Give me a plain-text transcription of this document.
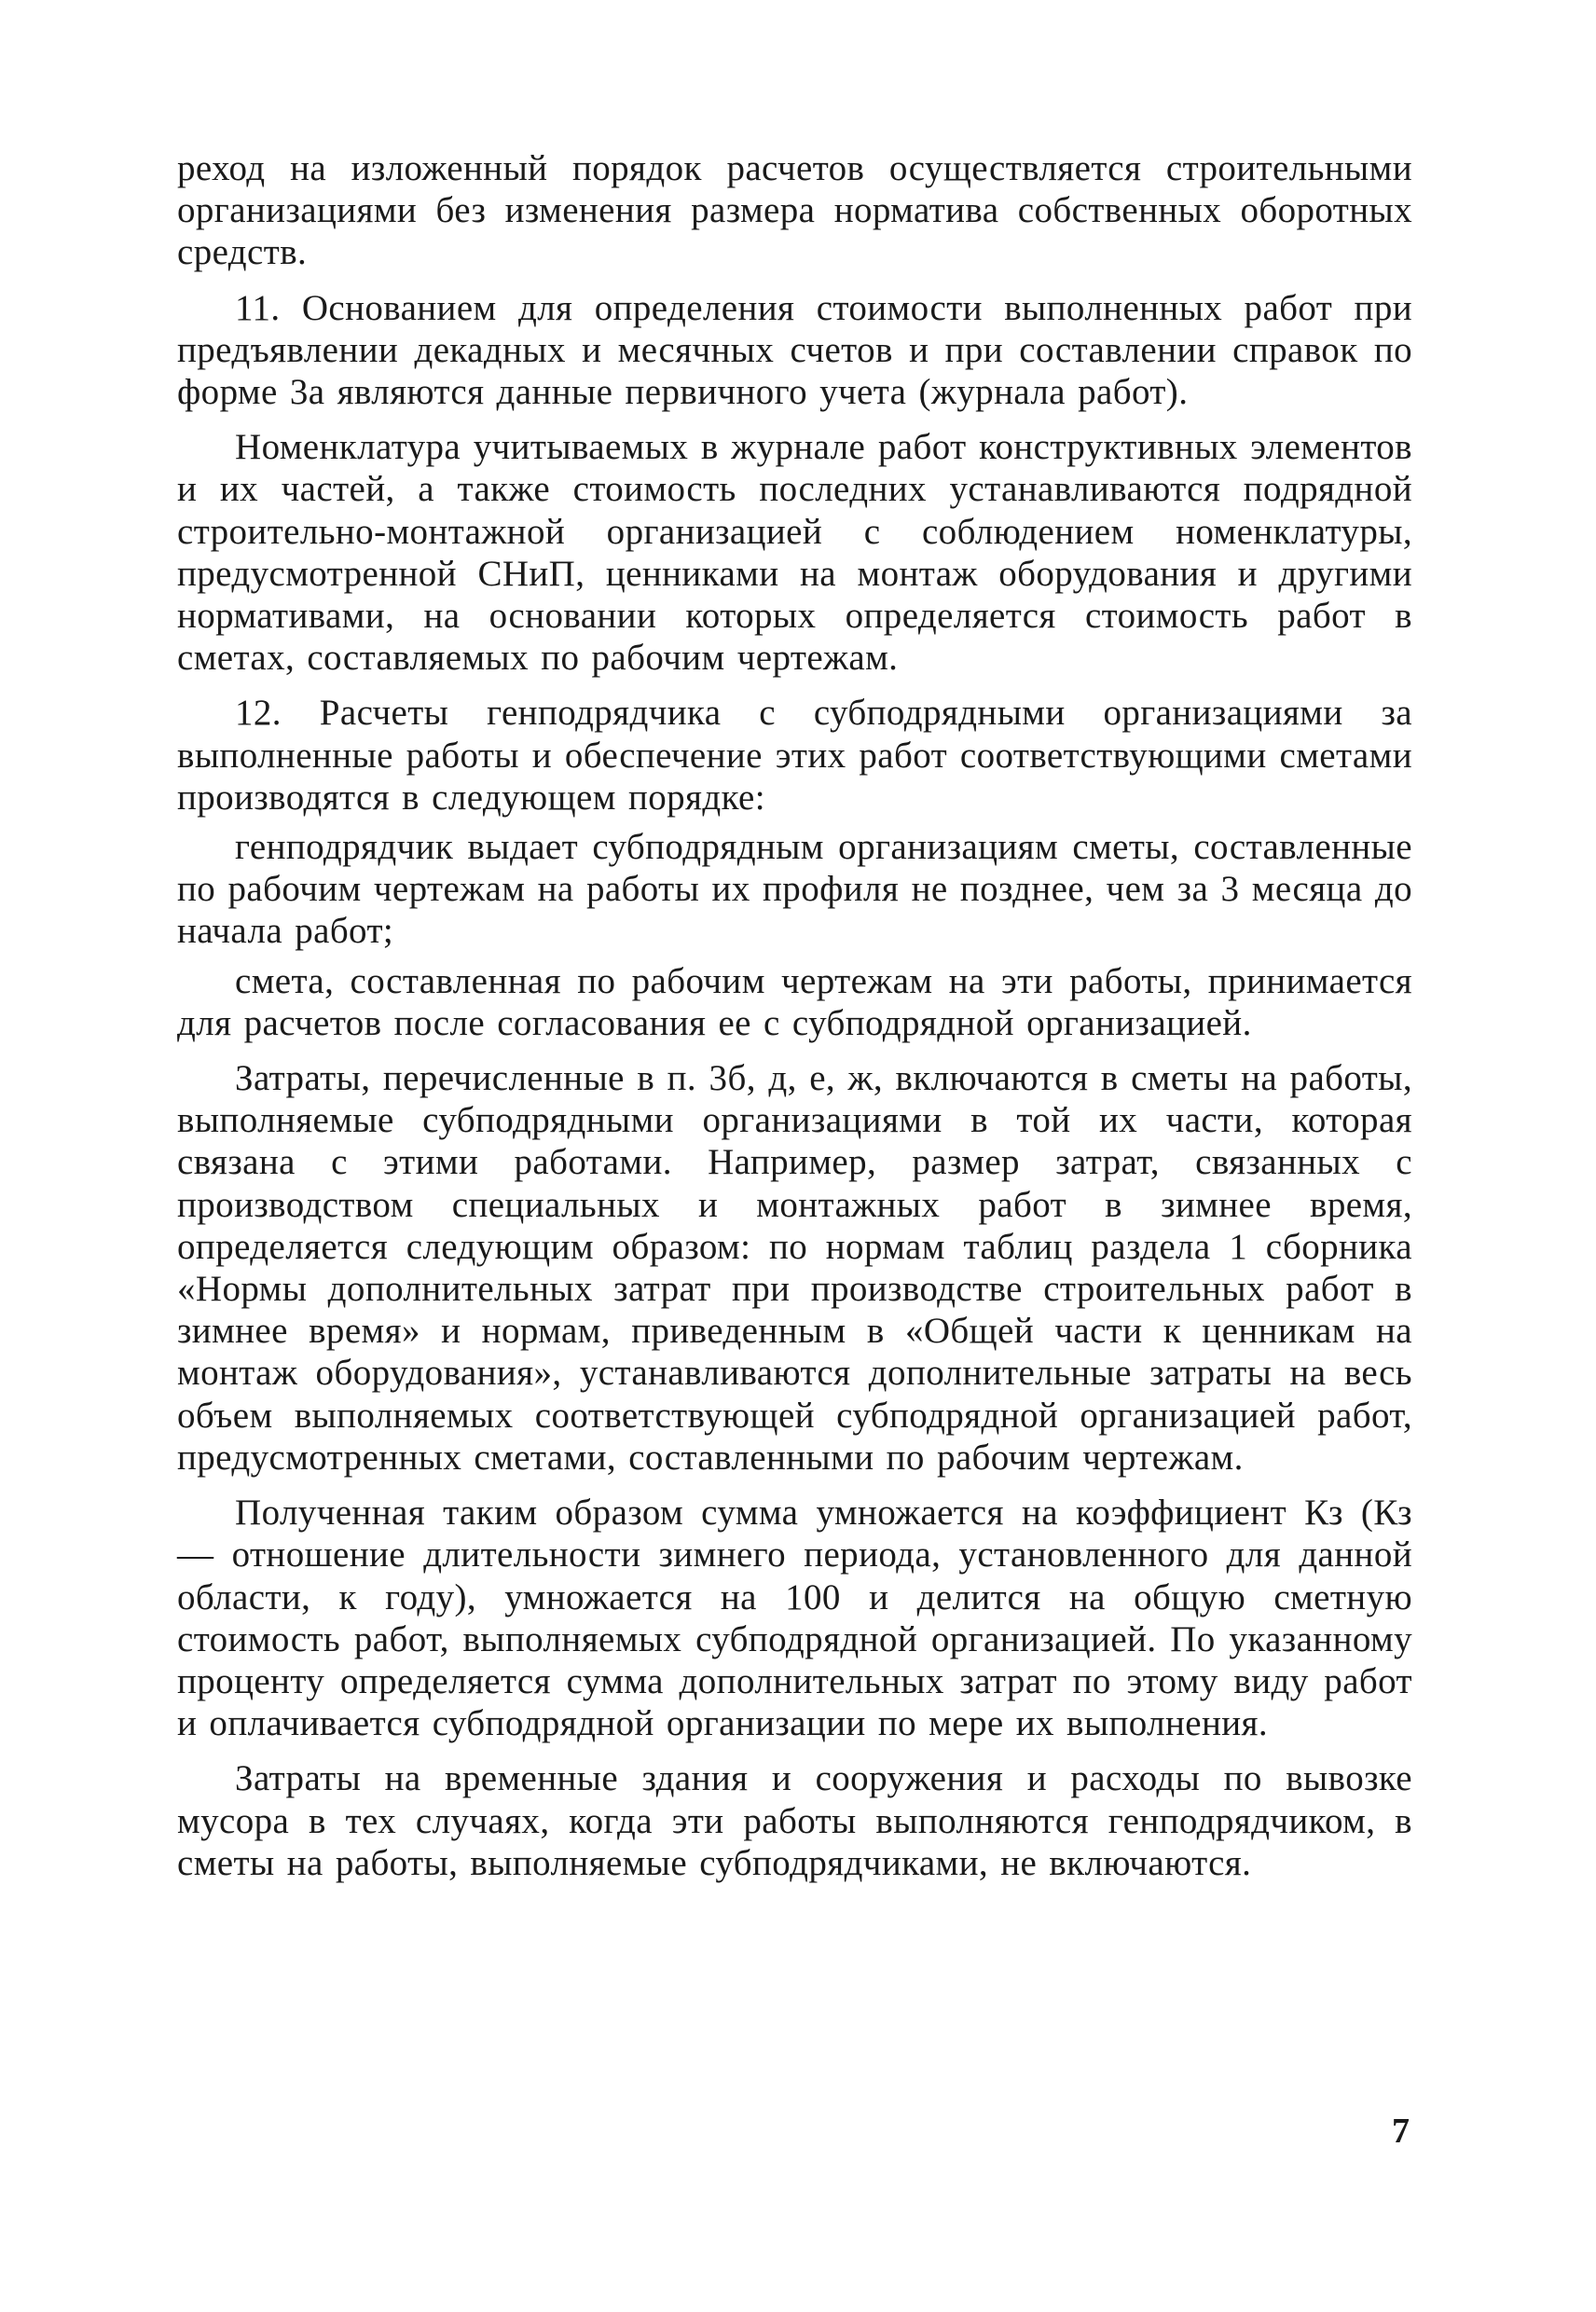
реход на изложенный порядок расчетов осуществляется строительными организациями без изменения размера норматива собственных оборотных средств.

11. Основанием для определения стоимости выполненных работ при предъявлении декадных и месячных счетов и при составлении справок по форме 3а являются данные первичного учета (журнала работ).

Номенклатура учитываемых в журнале работ конструктивных элементов и их частей, а также стоимость последних устанавливаются подрядной строительно-монтажной организацией с соблюдением номенклатуры, предусмотренной СНиП, ценниками на монтаж оборудования и другими нормативами, на основании которых определяется стоимость работ в сметах, составляемых по рабочим чертежам.

12. Расчеты генподрядчика с субподрядными организациями за выполненные работы и обеспечение этих работ соответствующими сметами производятся в следующем порядке:

генподрядчик выдает субподрядным организациям сметы, составленные по рабочим чертежам на работы их профиля не позднее, чем за 3 месяца до начала работ;

смета, составленная по рабочим чертежам на эти работы, принимается для расчетов после согласования ее с субподрядной организацией.

Затраты, перечисленные в п. 3б, д, е, ж, включаются в сметы на работы, выполняемые субподрядными организациями в той их части, которая связана с этими работами. Например, размер затрат, связанных с производством специальных и монтажных работ в зимнее время, определяется следующим образом: по нормам таблиц раздела 1 сборника «Нормы дополнительных затрат при производстве строительных работ в зимнее время» и нормам, приведенным в «Общей части к ценникам на монтаж оборудования», устанавливаются дополнительные затраты на весь объем выполняемых соответствующей субподрядной организацией работ, предусмотренных сметами, составленными по рабочим чертежам.

Полученная таким образом сумма умножается на коэффициент Кз (Кз — отношение длительности зимнего периода, установленного для данной области, к году), умножается на 100 и делится на общую сметную стоимость работ, выполняемых субподрядной организацией. По указанному проценту определяется сумма дополнительных затрат по этому виду работ и оплачивается субподрядной организации по мере их выполнения.

Затраты на временные здания и сооружения и расходы по вывозке мусора в тех случаях, когда эти работы выполняются генподрядчиком, в сметы на работы, выполняемые субподрядчиками, не включаются.

7
